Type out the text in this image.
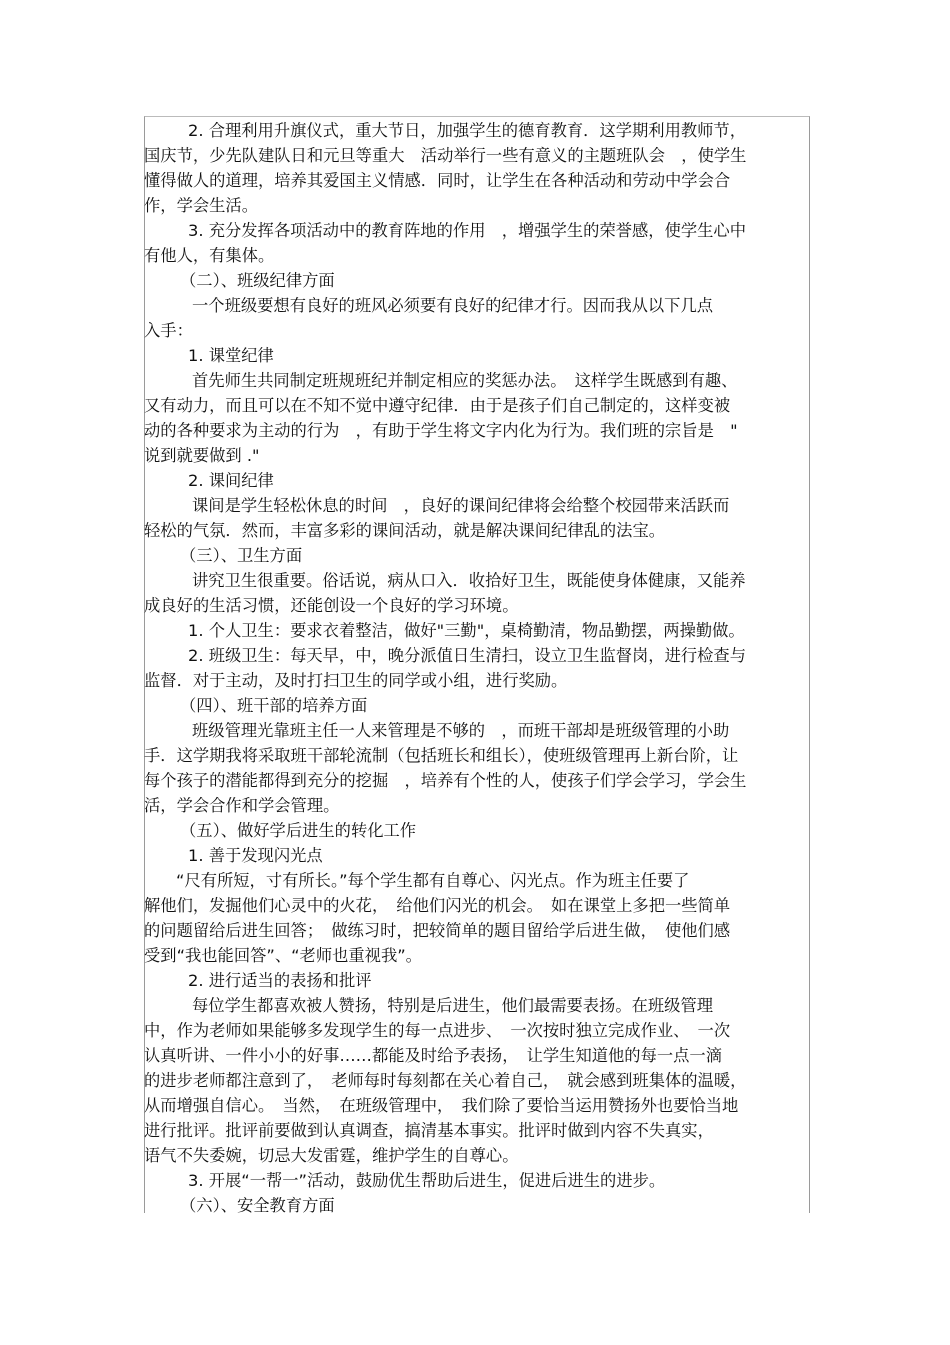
2. 合理利用升旗仪式，重大节日，加强学生的德育教育．这学期利用教师节，
国庆节，少先队建队日和元旦等重大　活动举行一些有意义的主题班队会　，使学生
懂得做人的道理，培养其爱国主义情感．同时，让学生在各种活动和劳动中学会合
作，学会生活。
3. 充分发挥各项活动中的教育阵地的作用　，增强学生的荣誉感，使学生心中
有他人，有集体。
（二）、班级纪律方面
一个班级要想有良好的班风必须要有良好的纪律才行。因而我从以下几点
入手：
1. 课堂纪律
首先师生共同制定班规班纪并制定相应的奖惩办法。　这样学生既感到有趣、
又有动力，而且可以在不知不觉中遵守纪律．由于是孩子们自己制定的，这样变被
动的各种要求为主动的行为　，有助于学生将文字内化为行为。我们班的宗旨是　"
说到就要做到 ."
2. 课间纪律
课间是学生轻松休息的时间　，良好的课间纪律将会给整个校园带来活跃而
轻松的气氛．然而，丰富多彩的课间活动，就是解决课间纪律乱的法宝。
（三）、卫生方面
讲究卫生很重要。俗话说，病从口入．收拾好卫生，既能使身体健康，又能养
成良好的生活习惯，还能创设一个良好的学习环境。
1. 个人卫生：要求衣着整洁，做好"三勤"，桌椅勤清，物品勤摆，两操勤做。
2. 班级卫生：每天早，中，晚分派值日生清扫，设立卫生监督岗，进行检查与
监督．对于主动，及时打扫卫生的同学或小组，进行奖励。
（四）、班干部的培养方面
班级管理光靠班主任一人来管理是不够的　，而班干部却是班级管理的小助
手．这学期我将采取班干部轮流制（包括班长和组长），使班级管理再上新台阶，让
每个孩子的潜能都得到充分的挖掘　，培养有个性的人，使孩子们学会学习，学会生
活，学会合作和学会管理。
（五）、做好学后进生的转化工作
1. 善于发现闪光点
“尺有所短，寸有所长。”每个学生都有自尊心、闪光点。作为班主任要了
解他们，发掘他们心灵中的火花，　给他们闪光的机会。　如在课堂上多把一些简单
的问题留给后进生回答；　做练习时，把较简单的题目留给学后进生做，　使他们感
受到“我也能回答”、“老师也重视我”。
2. 进行适当的表扬和批评
每位学生都喜欢被人赞扬，特别是后进生，他们最需要表扬。在班级管理
中，作为老师如果能够多发现学生的每一点进步、　一次按时独立完成作业、　一次
认真听讲、一件小小的好事……都能及时给予表扬，　让学生知道他的每一点一滴
的进步老师都注意到了，　老师每时每刻都在关心着自己，　就会感到班集体的温暖，
从而增强自信心。　当然，　在班级管理中，　我们除了要恰当运用赞扬外也要恰当地
进行批评。批评前要做到认真调查，搞清基本事实。批评时做到内容不失真实，
语气不失委婉，切忌大发雷霆，维护学生的自尊心。
3. 开展“一帮一”活动，鼓励优生帮助后进生，促进后进生的进步。
（六）、安全教育方面
